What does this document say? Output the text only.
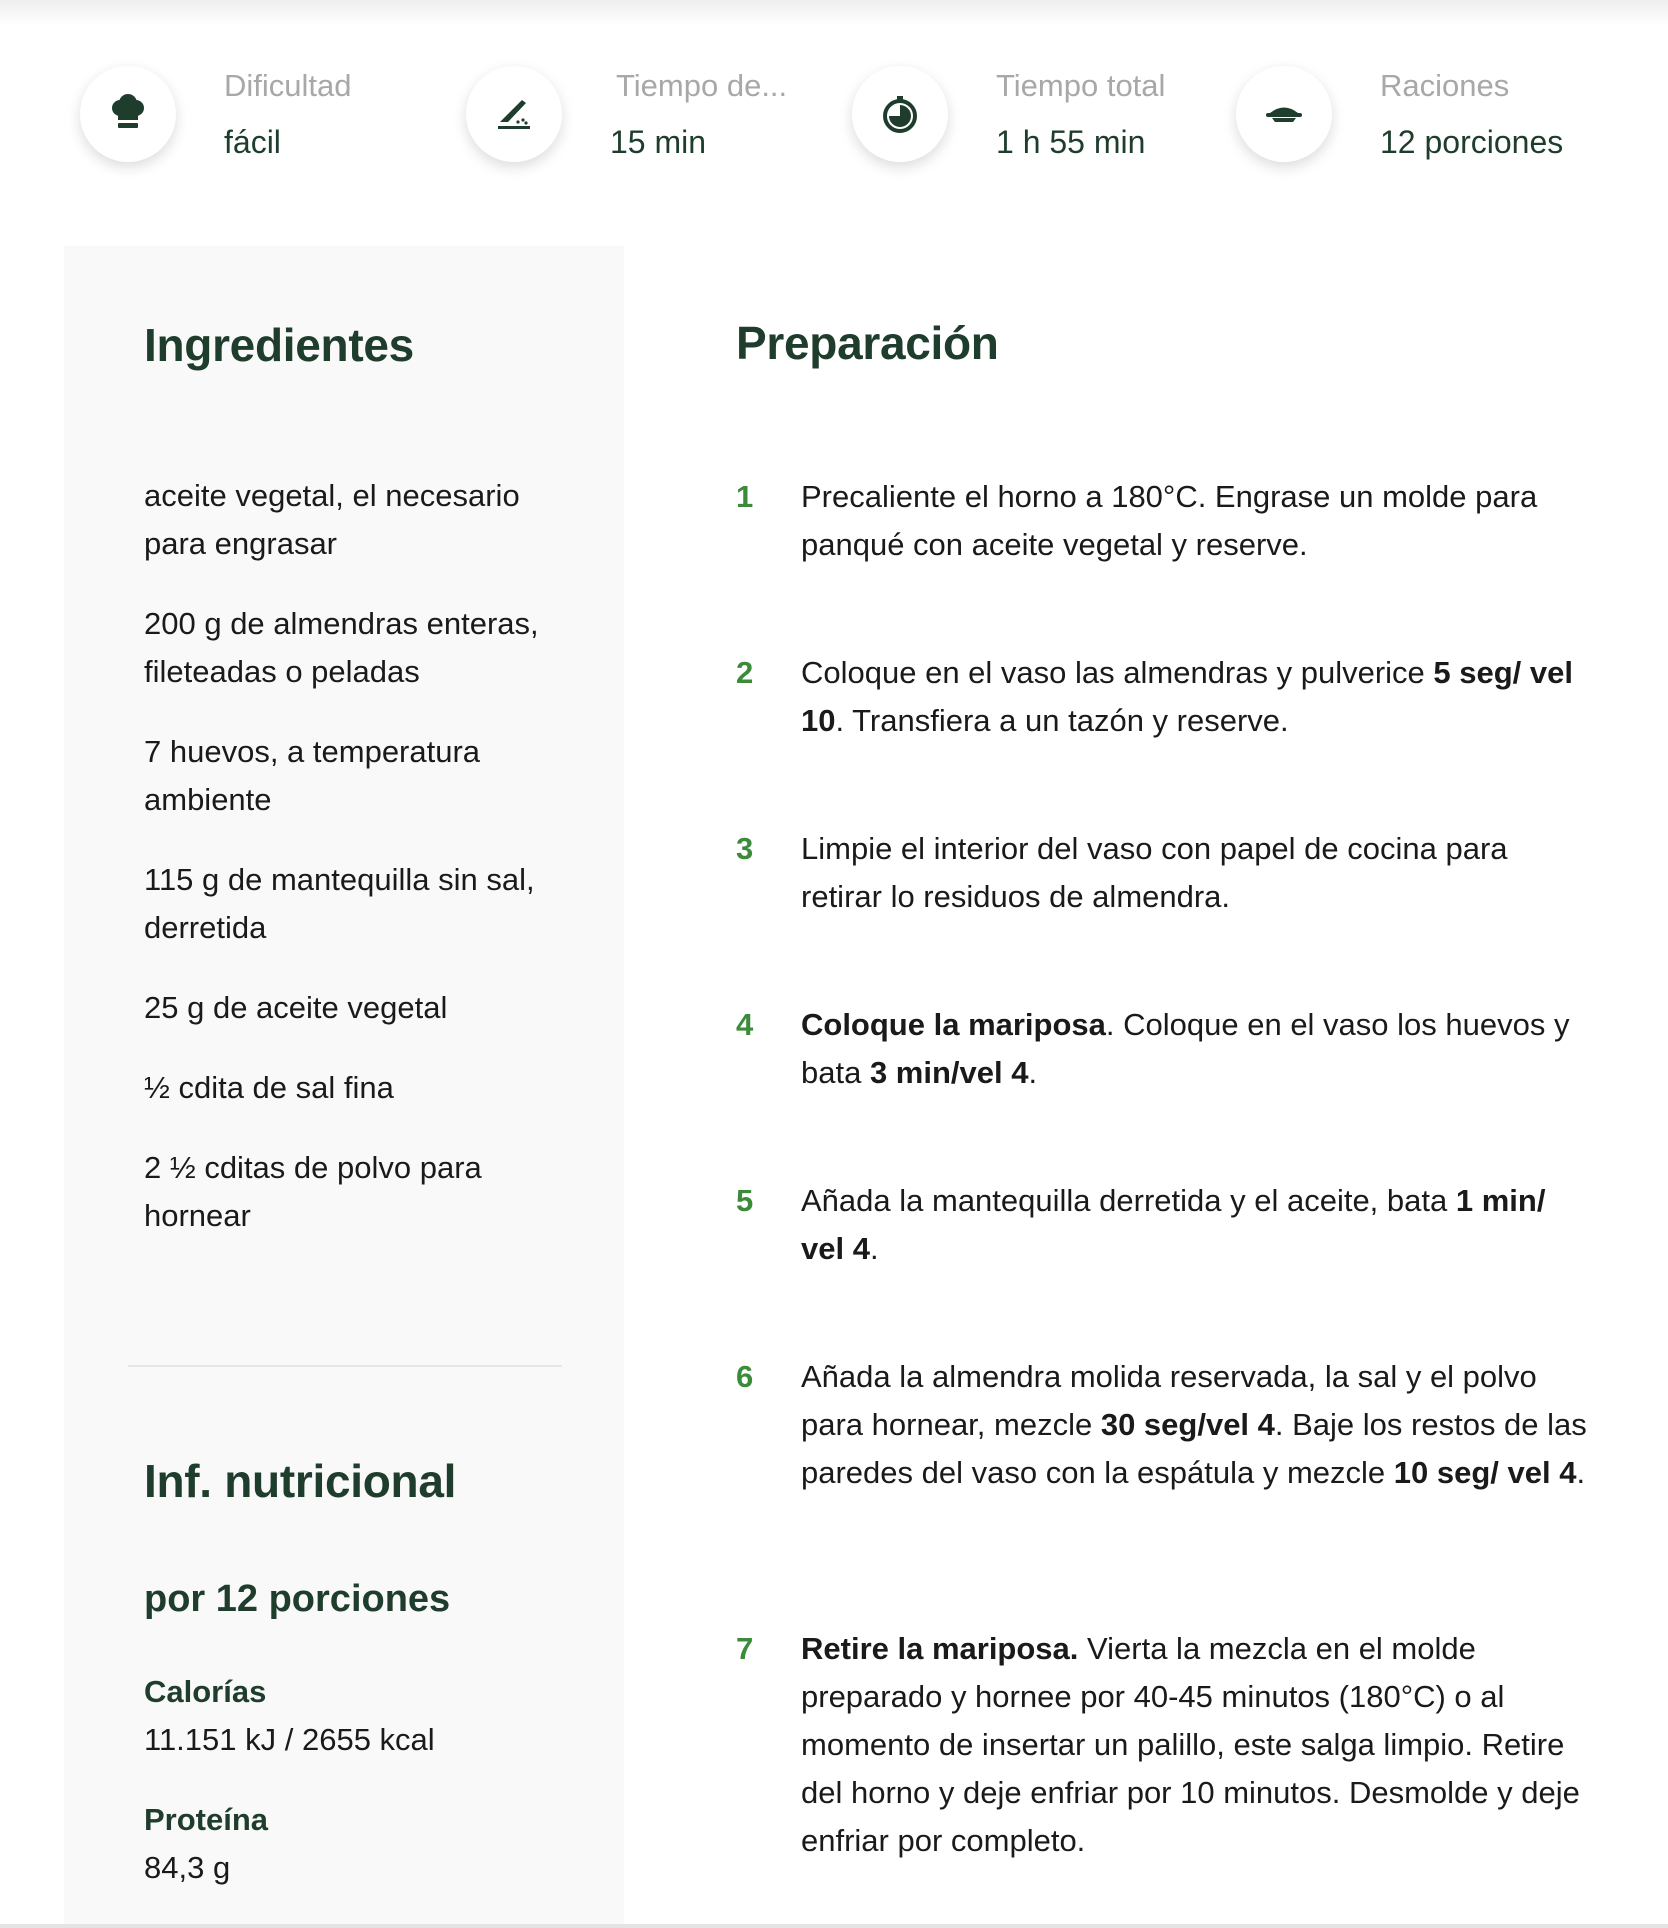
Dificultad
fácil
Tiempo de...
15 min
Tiempo total
1 h 55 min
Raciones
12 porciones
Ingredientes
aceite vegetal, el necesario para engrasar
200 g de almendras enteras, fileteadas o peladas
7 huevos, a temperatura ambiente
115 g de mantequilla sin sal, derretida
25 g de aceite vegetal
½ cdita de sal fina
2 ½ cditas de polvo para hornear
Inf. nutricional
por 12 porciones
Calorías
11.151 kJ / 2655 kcal
Proteína
84,3 g
Preparación
1 Precaliente el horno a 180°C. Engrase un molde para panqué con aceite vegetal y reserve.
2 Coloque en el vaso las almendras y pulverice 5 seg/ vel 10. Transfiera a un tazón y reserve.
3 Limpie el interior del vaso con papel de cocina para retirar lo residuos de almendra.
4 Coloque la mariposa. Coloque en el vaso los huevos y bata 3 min/vel 4.
5 Añada la mantequilla derretida y el aceite, bata 1 min/ vel 4.
6 Añada la almendra molida reservada, la sal y el polvo para hornear, mezcle 30 seg/vel 4. Baje los restos de las paredes del vaso con la espátula y mezcle 10 seg/ vel 4.
7 Retire la mariposa. Vierta la mezcla en el molde preparado y hornee por 40-45 minutos (180°C) o al momento de insertar un palillo, este salga limpio. Retire del horno y deje enfriar por 10 minutos. Desmolde y deje enfriar por completo.
